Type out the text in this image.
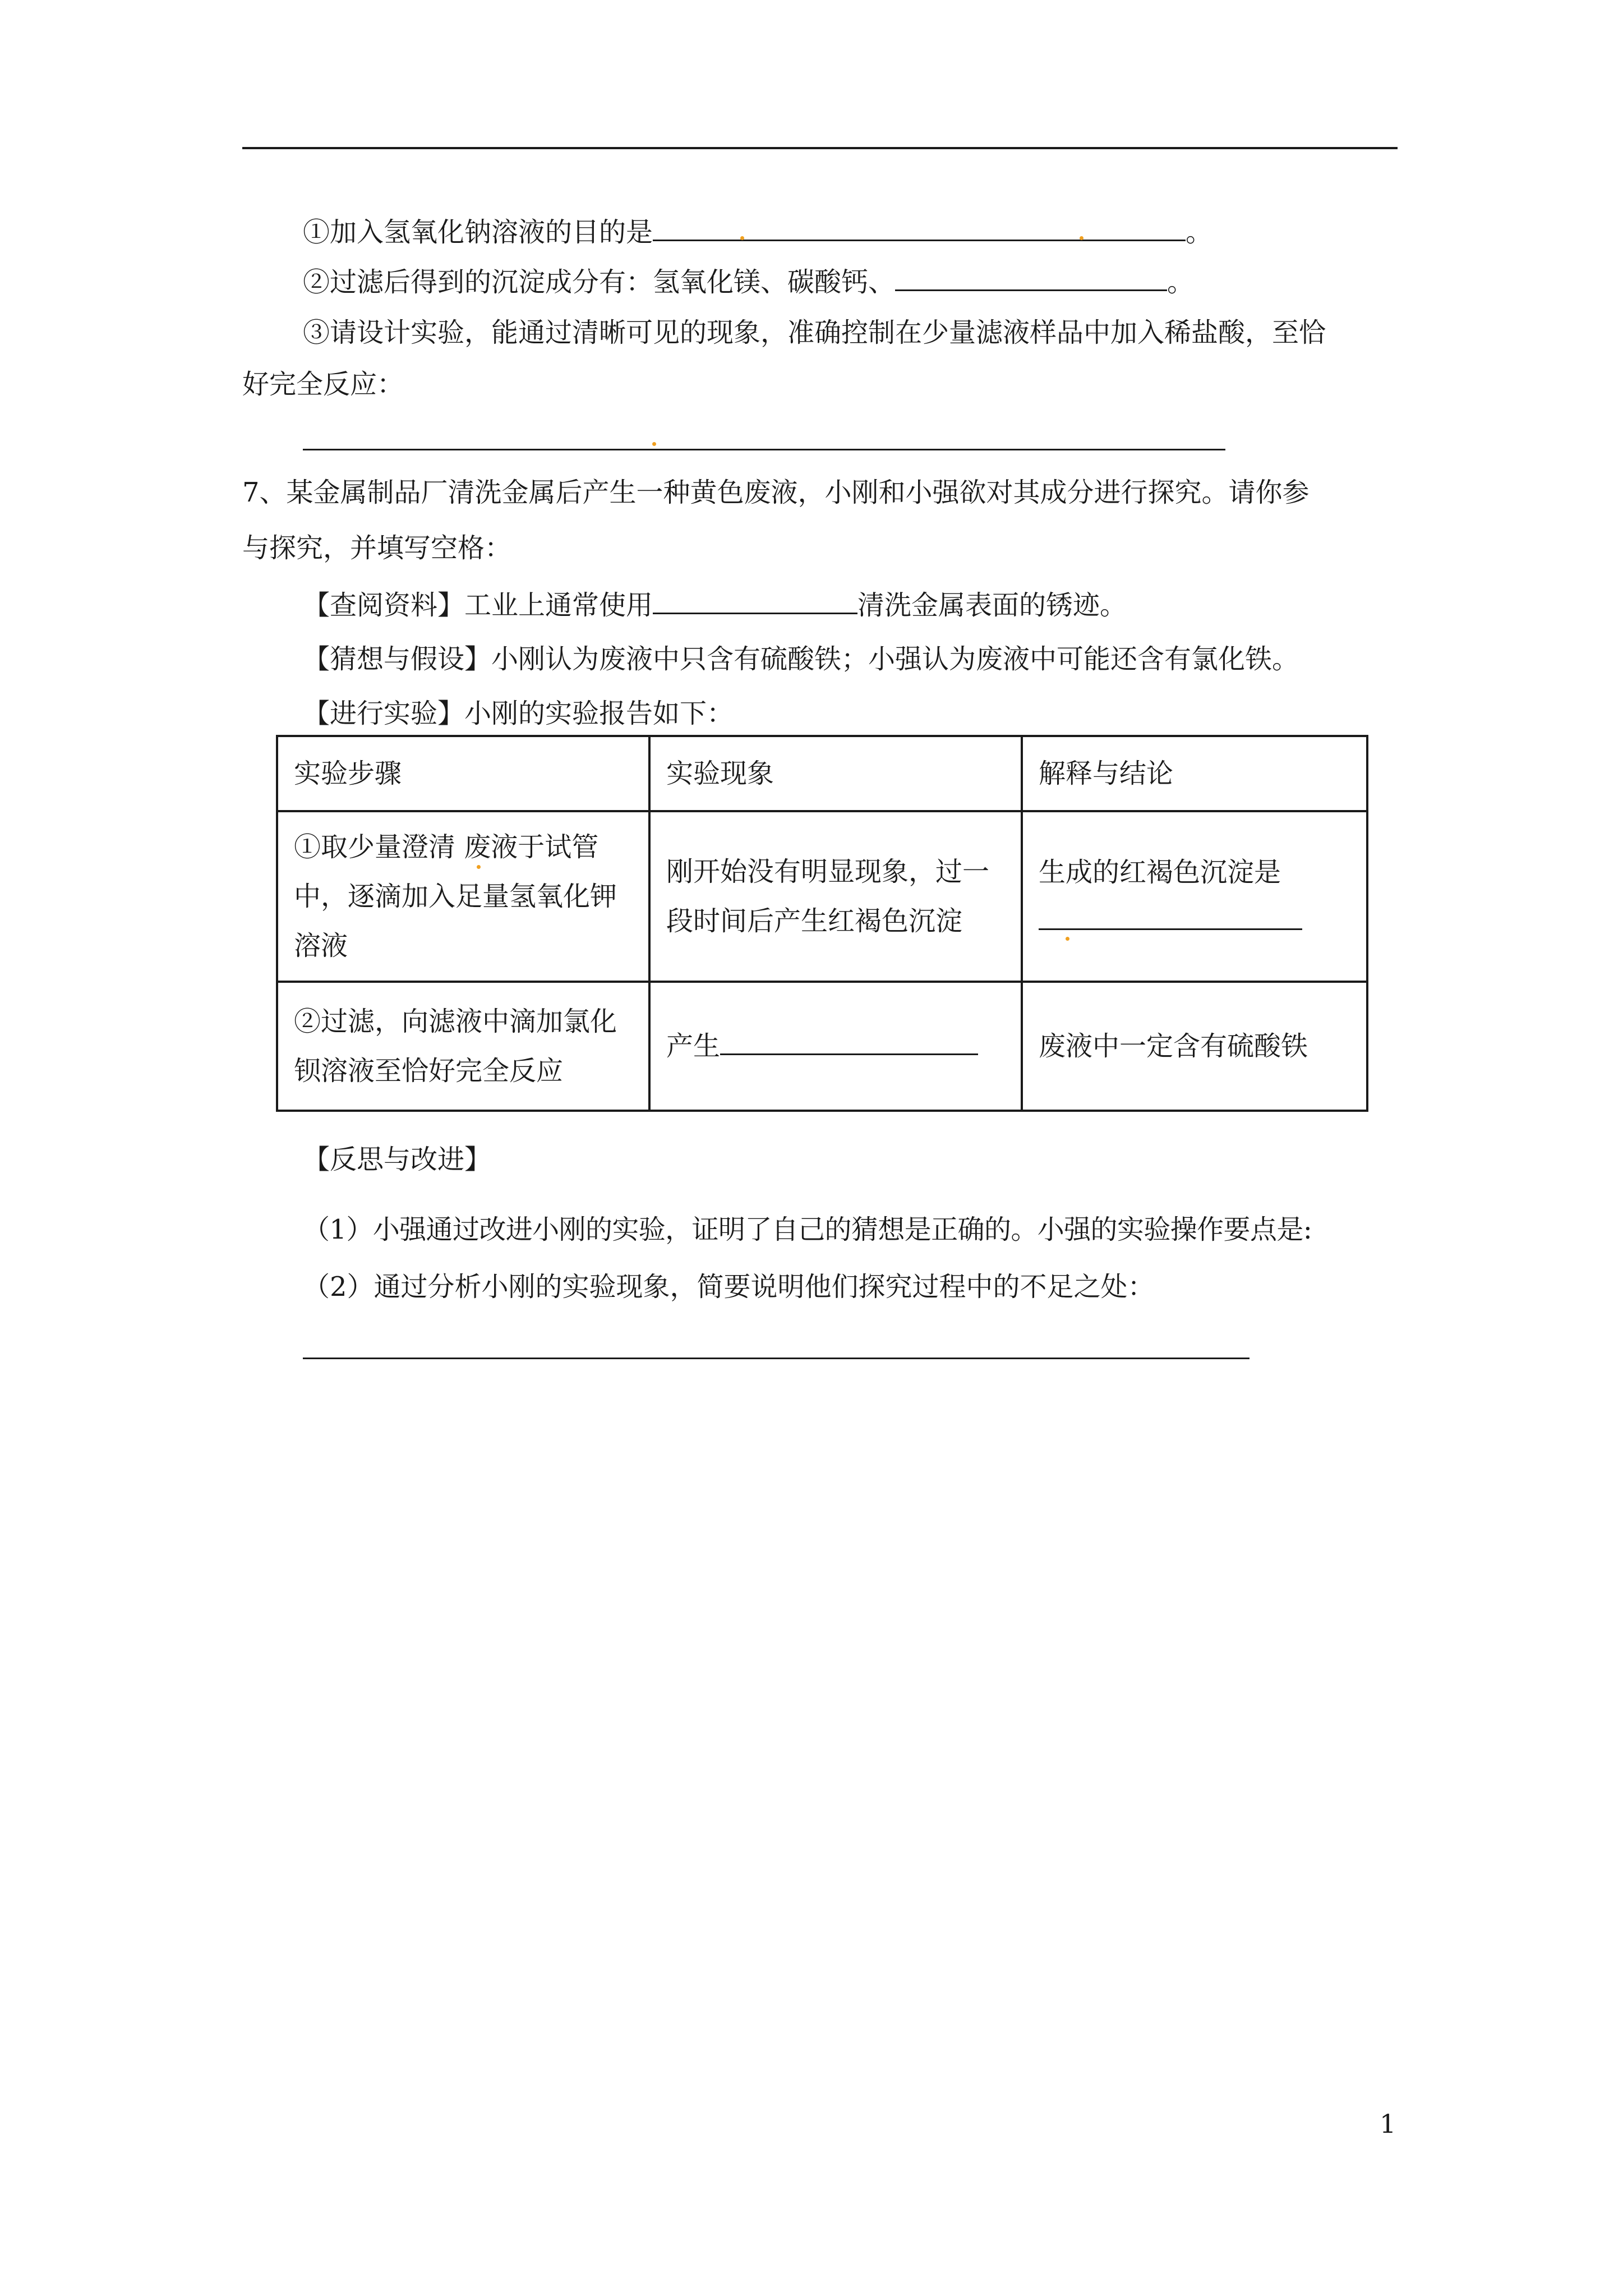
①加入氢氧化钠溶液的目的是	。
②过滤后得到的沉淀成分有：氢氧化镁、碳酸钙、	。
③请设计实验，能通过清晰可见的现象，准确控制在少量滤液样品中加入稀盐酸，至恰
好完全反应：
7、某金属制品厂清洗金属后产生一种黄色废液，小刚和小强欲对其成分进行探究。请你参
与探究，并填写空格：
【查阅资料】工业上通常使用	清洗金属表面的锈迹。
【猜想与假设】小刚认为废液中只含有硫酸铁；小强认为废液中可能还含有氯化铁。
【进行实验】小刚的实验报告如下：
实验步骤	实验现象	解释与结论

①取少量澄清 废液于试管中，逐滴加入足量氢氧化钾溶液	刚开始没有明显现象，过一段时间后产生红褐色沉淀	生成的红褐色沉淀是

②过滤，向滤液中滴加氯化钡溶液至恰好完全反应	产生	废液中一定含有硫酸铁
【反思与改进】
（1）小强通过改进小刚的实验，证明了自己的猜想是正确的。小强的实验操作要点是:
（2）通过分析小刚的实验现象，简要说明他们探究过程中的不足之处：
1
